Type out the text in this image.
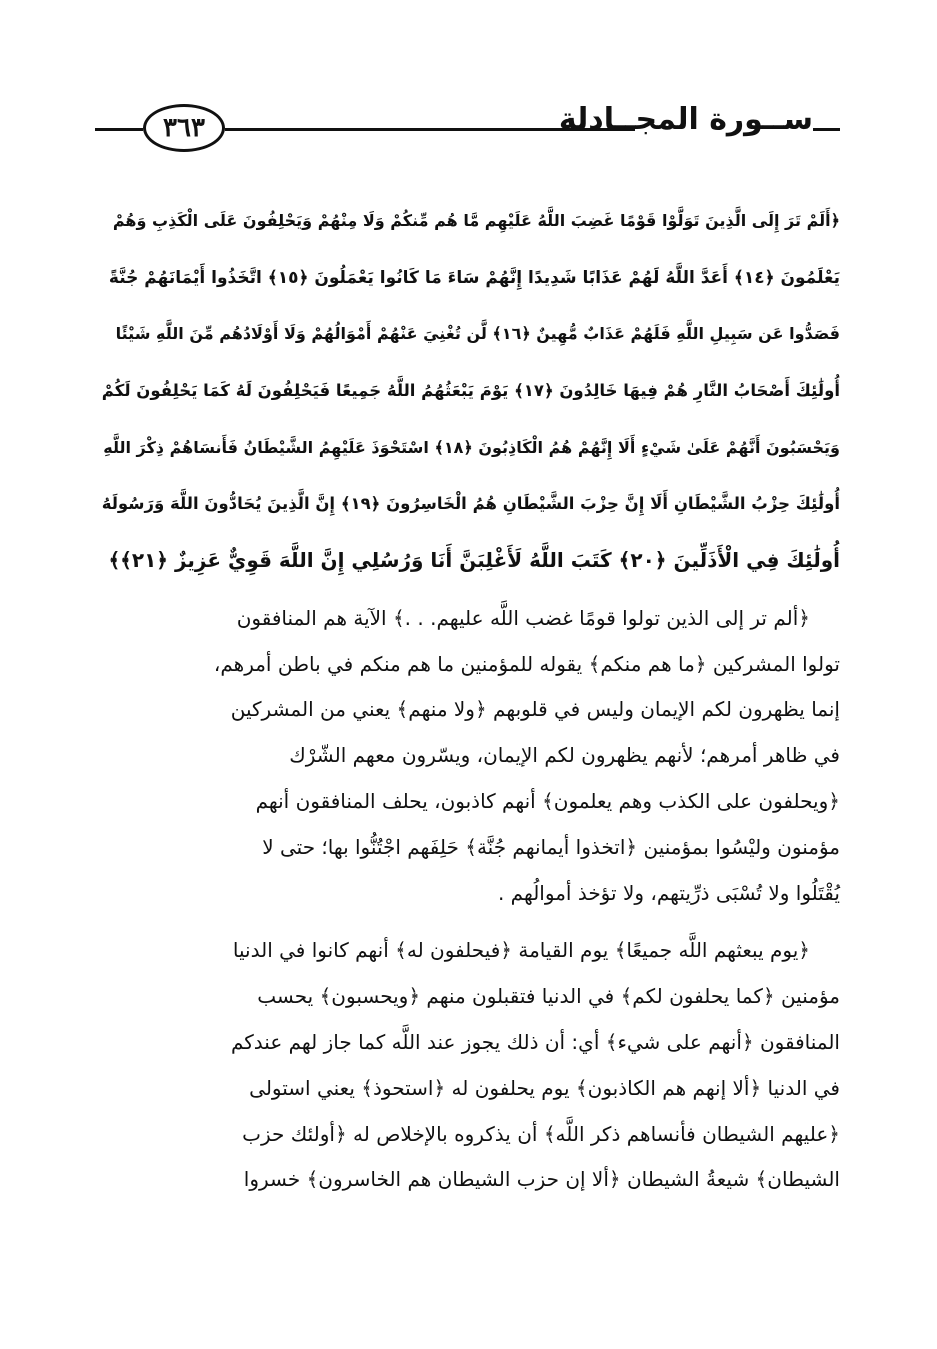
٣٦٣	ســورة المجــادلة
﴿أَلَمْ تَرَ إِلَى الَّذِينَ تَوَلَّوْا قَوْمًا غَضِبَ اللَّهُ عَلَيْهِم مَّا هُم مِّنكُمْ وَلَا مِنْهُمْ وَيَحْلِفُونَ عَلَى الْكَذِبِ وَهُمْ
يَعْلَمُونَ ﴿١٤﴾ أَعَدَّ اللَّهُ لَهُمْ عَذَابًا شَدِيدًا إِنَّهُمْ سَاءَ مَا كَانُوا يَعْمَلُونَ ﴿١٥﴾ اتَّخَذُوا أَيْمَانَهُمْ جُنَّةً
فَصَدُّوا عَن سَبِيلِ اللَّهِ فَلَهُمْ عَذَابٌ مُّهِينٌ ﴿١٦﴾ لَّن تُغْنِيَ عَنْهُمْ أَمْوَالُهُمْ وَلَا أَوْلَادُهُم مِّنَ اللَّهِ شَيْئًا
أُولَٰئِكَ أَصْحَابُ النَّارِ هُمْ فِيهَا خَالِدُونَ ﴿١٧﴾ يَوْمَ يَبْعَثُهُمُ اللَّهُ جَمِيعًا فَيَحْلِفُونَ لَهُ كَمَا يَحْلِفُونَ لَكُمْ
وَيَحْسَبُونَ أَنَّهُمْ عَلَىٰ شَيْءٍ أَلَا إِنَّهُمْ هُمُ الْكَاذِبُونَ ﴿١٨﴾ اسْتَحْوَذَ عَلَيْهِمُ الشَّيْطَانُ فَأَنسَاهُمْ ذِكْرَ اللَّهِ
أُولَٰئِكَ حِزْبُ الشَّيْطَانِ أَلَا إِنَّ حِزْبَ الشَّيْطَانِ هُمُ الْخَاسِرُونَ ﴿١٩﴾ إِنَّ الَّذِينَ يُحَادُّونَ اللَّهَ وَرَسُولَهُ
أُولَٰئِكَ فِي الْأَذَلِّينَ ﴿٢٠﴾ كَتَبَ اللَّهُ لَأَغْلِبَنَّ أَنَا وَرُسُلِي إِنَّ اللَّهَ قَوِيٌّ عَزِيزٌ ﴿٢١﴾﴾
﴿ألم تر إلى الذين تولوا قومًا غضب اللَّه عليهم. . .﴾ الآية هم المنافقون
تولوا المشركين ﴿ما هم منكم﴾ يقوله للمؤمنين ما هم منكم في باطن أمرهم،
إنما يظهرون لكم الإيمان وليس في قلوبهم ﴿ولا منهم﴾ يعني من المشركين
في ظاهر أمرهم؛ لأنهم يظهرون لكم الإيمان، ويسّرون معهم الشّرْك
﴿ويحلفون على الكذب وهم يعلمون﴾ أنهم كاذبون، يحلف المنافقون أنهم
مؤمنون وليْسُوا بمؤمنين ﴿اتخذوا أيمانهم جُنَّة﴾ حَلِفَهم اجْتُنُّوا بها؛ حتى لا
يُقْتَلُوا ولا تُسْبَى ذرِّيتهم، ولا تؤخذ أموالُهم .
﴿يوم يبعثهم اللَّه جميعًا﴾ يوم القيامة ﴿فيحلفون له﴾ أنهم كانوا في الدنيا
مؤمنين ﴿كما يحلفون لكم﴾ في الدنيا فتقبلون منهم ﴿ويحسبون﴾ يحسب
المنافقون ﴿أنهم على شيء﴾ أي: أن ذلك يجوز عند اللَّه كما جاز لهم عندكم
في الدنيا ﴿ألا إنهم هم الكاذبون﴾ يوم يحلفون له ﴿استحوذ﴾ يعني استولى
﴿عليهم الشيطان فأنساهم ذكر اللَّه﴾ أن يذكروه بالإخلاص له ﴿أولئك حزب
الشيطان﴾ شيعةُ الشيطان ﴿ألا إن حزب الشيطان هم الخاسرون﴾ خسروا
